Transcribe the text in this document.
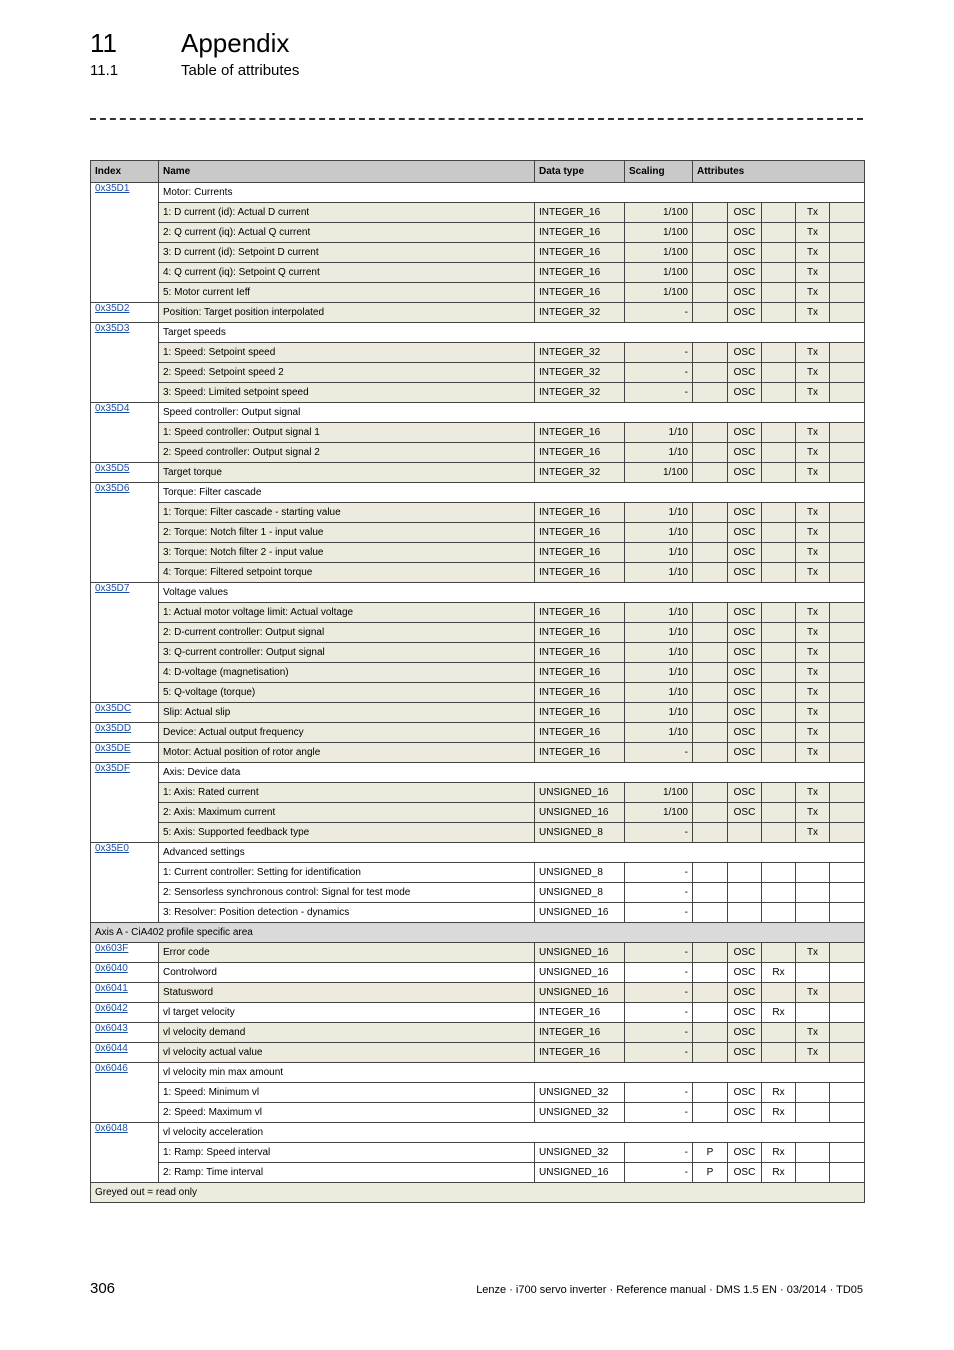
11 Appendix
11.1	Table of attributes
Index	Name	Data type	Scaling	Attributes				
0x35D1	Motor: Currents							
	1: D current (id): Actual D current	INTEGER_16	1/100		OSC		Tx	
	2: Q current (iq): Actual Q current	INTEGER_16	1/100		OSC		Tx	
	3: D current (id): Setpoint D current	INTEGER_16	1/100		OSC		Tx	
	4: Q current (iq): Setpoint Q current	INTEGER_16	1/100		OSC		Tx	
	5: Motor current Ieff	INTEGER_16	1/100		OSC		Tx	
0x35D2	Position: Target position interpolated	INTEGER_32	-		OSC		Tx	
0x35D3	Target speeds							
	1: Speed: Setpoint speed	INTEGER_32	-		OSC		Tx	
	2: Speed: Setpoint speed 2	INTEGER_32	-		OSC		Tx	
	3: Speed: Limited setpoint speed	INTEGER_32	-		OSC		Tx	
0x35D4	Speed controller: Output signal							
	1: Speed controller: Output signal 1	INTEGER_16	1/10		OSC		Tx	
	2: Speed controller: Output signal 2	INTEGER_16	1/10		OSC		Tx	
0x35D5	Target torque	INTEGER_32	1/100		OSC		Tx	
0x35D6	Torque: Filter cascade							
	1: Torque: Filter cascade - starting value	INTEGER_16	1/10		OSC		Tx	
	2: Torque: Notch filter 1 - input value	INTEGER_16	1/10		OSC		Tx	
	3: Torque: Notch filter 2 - input value	INTEGER_16	1/10		OSC		Tx	
	4: Torque: Filtered setpoint torque	INTEGER_16	1/10		OSC		Tx	
0x35D7	Voltage values							
	1: Actual motor voltage limit: Actual voltage	INTEGER_16	1/10		OSC		Tx	
	2: D-current controller: Output signal	INTEGER_16	1/10		OSC		Tx	
	3: Q-current controller: Output signal	INTEGER_16	1/10		OSC		Tx	
	4: D-voltage (magnetisation)	INTEGER_16	1/10		OSC		Tx	
	5: Q-voltage (torque)	INTEGER_16	1/10		OSC		Tx	
0x35DC	Slip: Actual slip	INTEGER_16	1/10		OSC		Tx	
0x35DD	Device: Actual output frequency	INTEGER_16	1/10		OSC		Tx	
0x35DE	Motor: Actual position of rotor angle	INTEGER_16	-		OSC		Tx	
0x35DF	Axis: Device data							
	1: Axis: Rated current	UNSIGNED_16	1/100		OSC		Tx	
	2: Axis: Maximum current	UNSIGNED_16	1/100		OSC		Tx	
	5: Axis: Supported feedback type	UNSIGNED_8	-				Tx	
0x35E0	Advanced settings							
	1: Current controller: Setting for identification	UNSIGNED_8	-					
	2: Sensorless synchronous control: Signal for test mode	UNSIGNED_8	-					
	3: Resolver: Position detection - dynamics	UNSIGNED_16	-					
Axis A - CiA402 profile specific area								
0x603F	Error code	UNSIGNED_16	-		OSC		Tx	
0x6040	Controlword	UNSIGNED_16	-		OSC	Rx		
0x6041	Statusword	UNSIGNED_16	-		OSC		Tx	
0x6042	vl target velocity	INTEGER_16	-		OSC	Rx		
0x6043	vl velocity demand	INTEGER_16	-		OSC		Tx	
0x6044	vl velocity actual value	INTEGER_16	-		OSC		Tx	
0x6046	vl velocity min max amount							
	1: Speed: Minimum vl	UNSIGNED_32	-		OSC	Rx		
	2: Speed: Maximum vl	UNSIGNED_32	-		OSC	Rx		
0x6048	vl velocity acceleration							
	1: Ramp: Speed interval	UNSIGNED_32	-	P	OSC	Rx		
	2: Ramp: Time interval	UNSIGNED_16	-	P	OSC	Rx		
Greyed out = read only								
306	Lenze · i700 servo inverter · Reference manual · DMS 1.5 EN · 03/2014 · TD05
